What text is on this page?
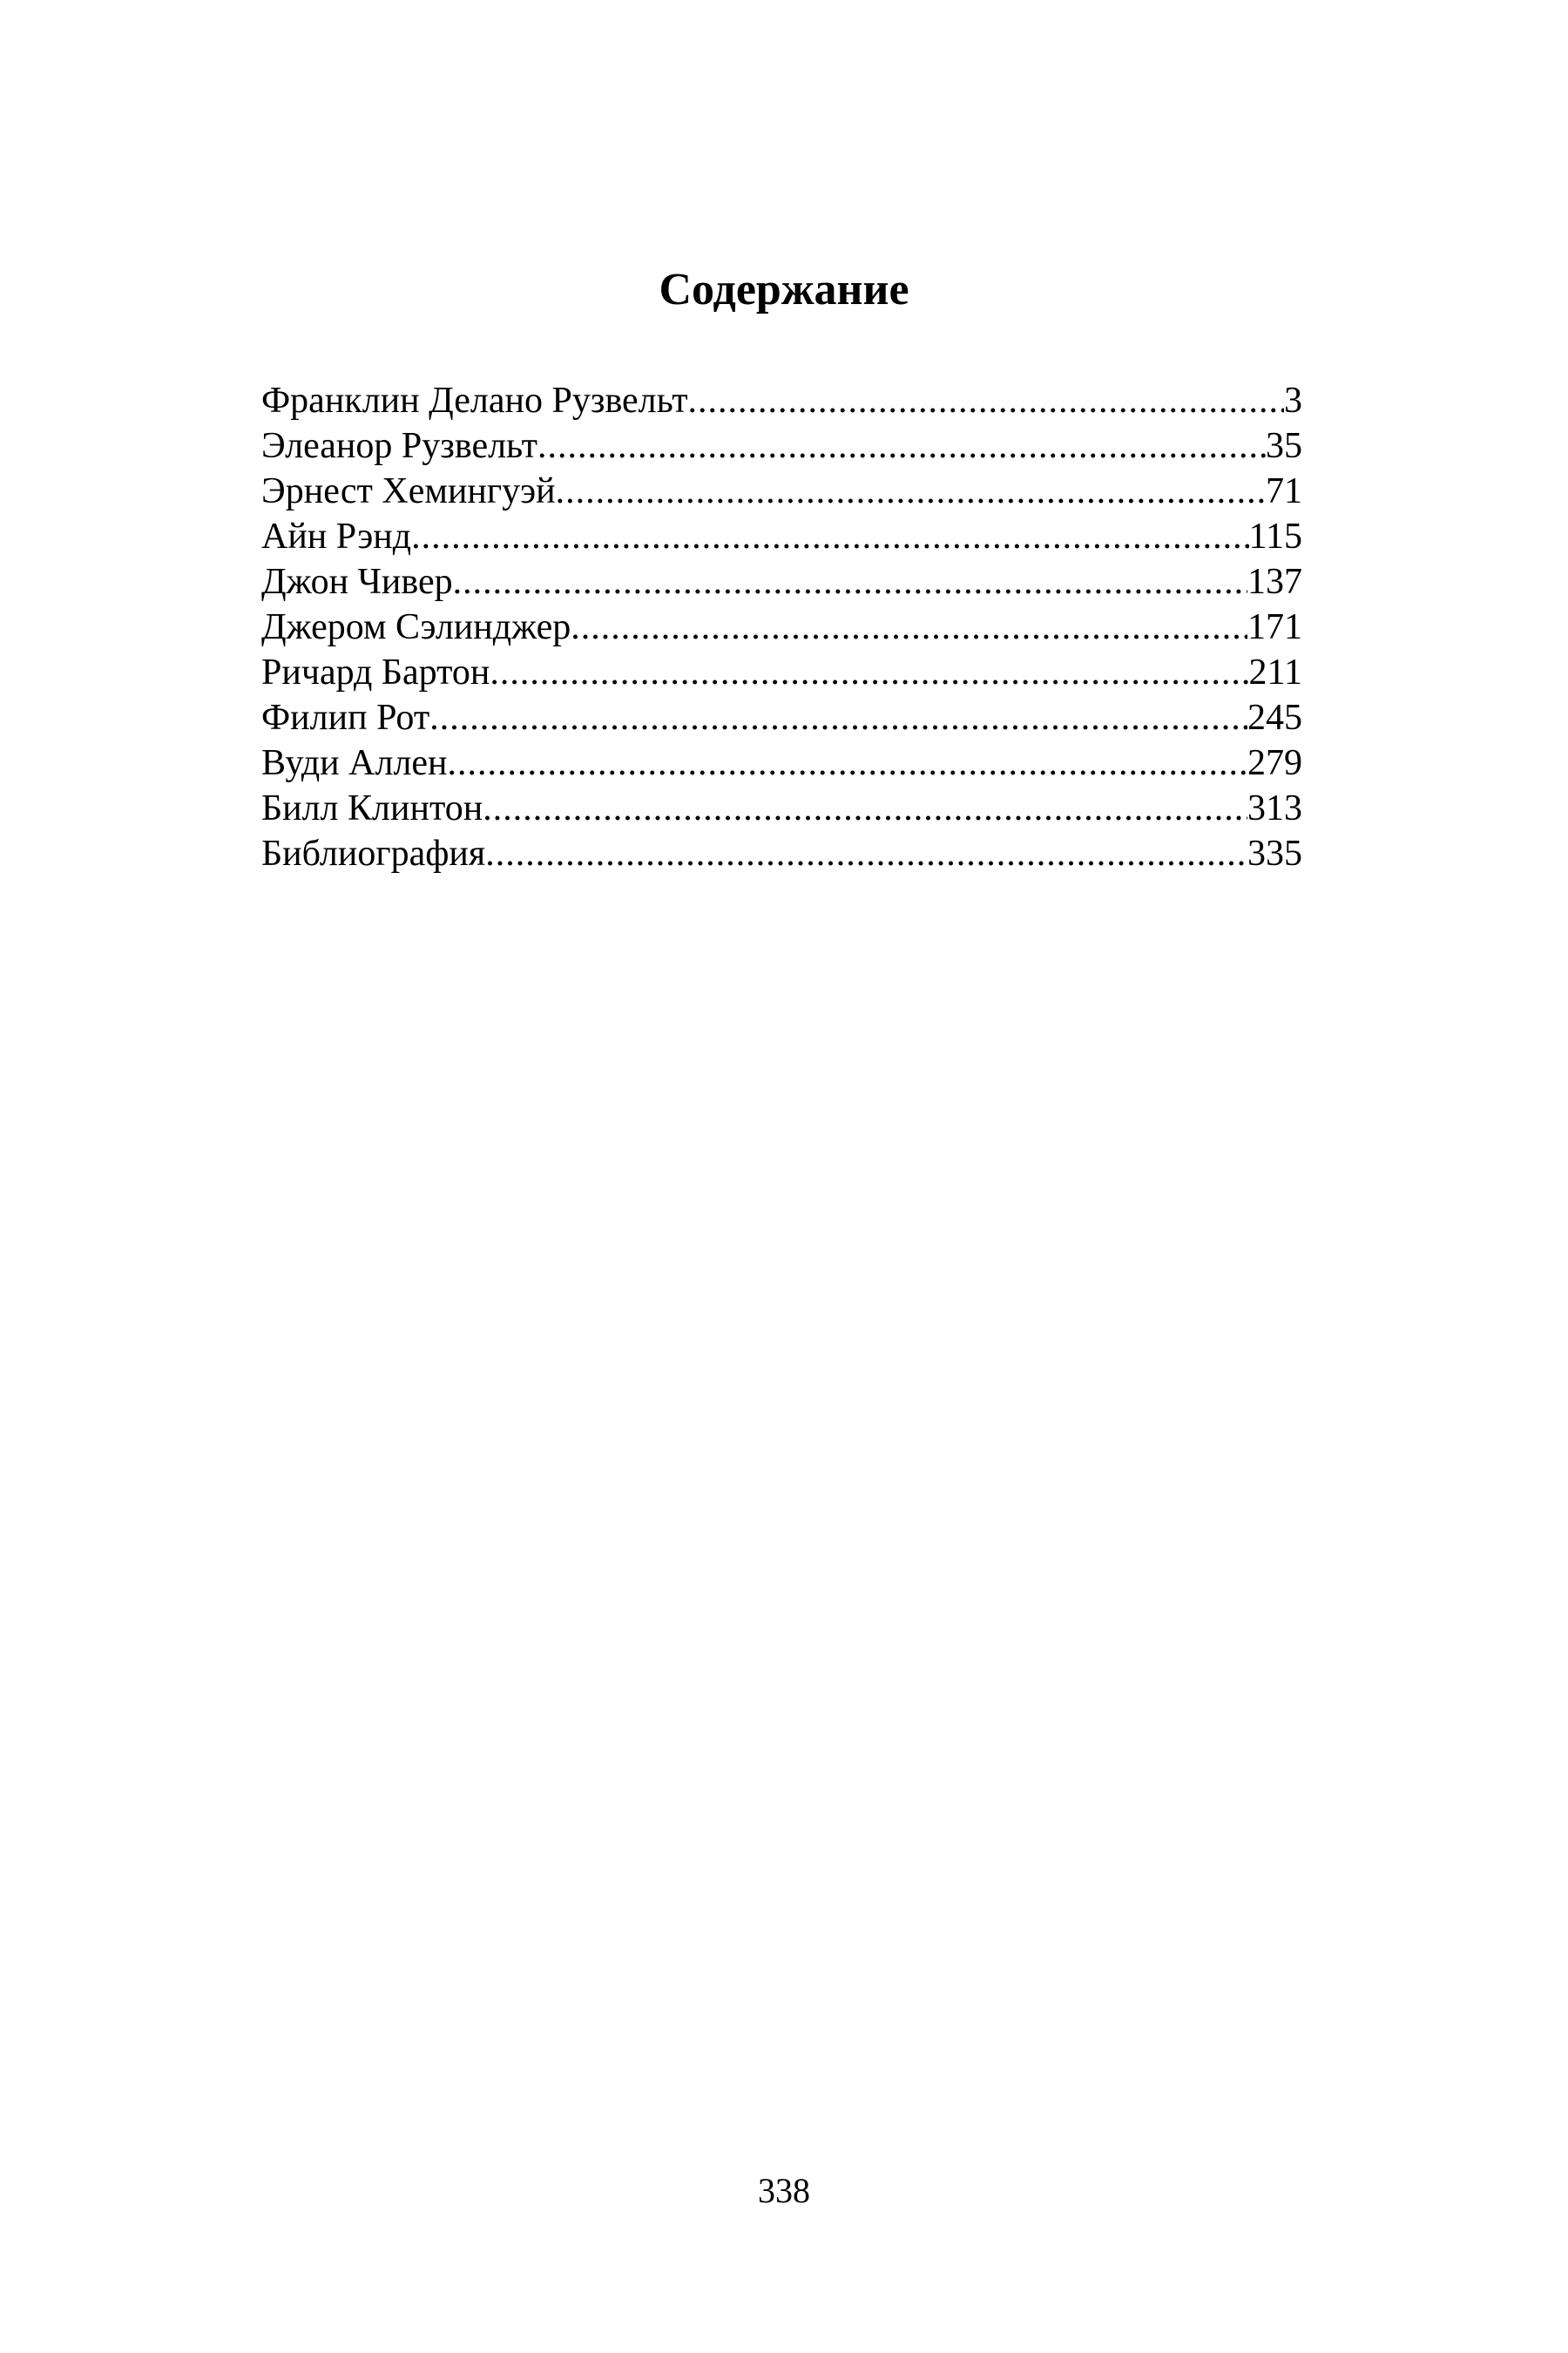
Содержание
Франклин Делано Рузвельт .....	3
Элеанор Рузвельт .....	35
Эрнест Хемингуэй .....	71
Айн Рэнд .....	115
Джон Чивер .....	137
Джером Сэлинджер .....	171
Ричард Бартон .....	211
Филип Рот .....	245
Вуди Аллен .....	279
Билл Клинтон .....	313
Библиография .....	335
338
